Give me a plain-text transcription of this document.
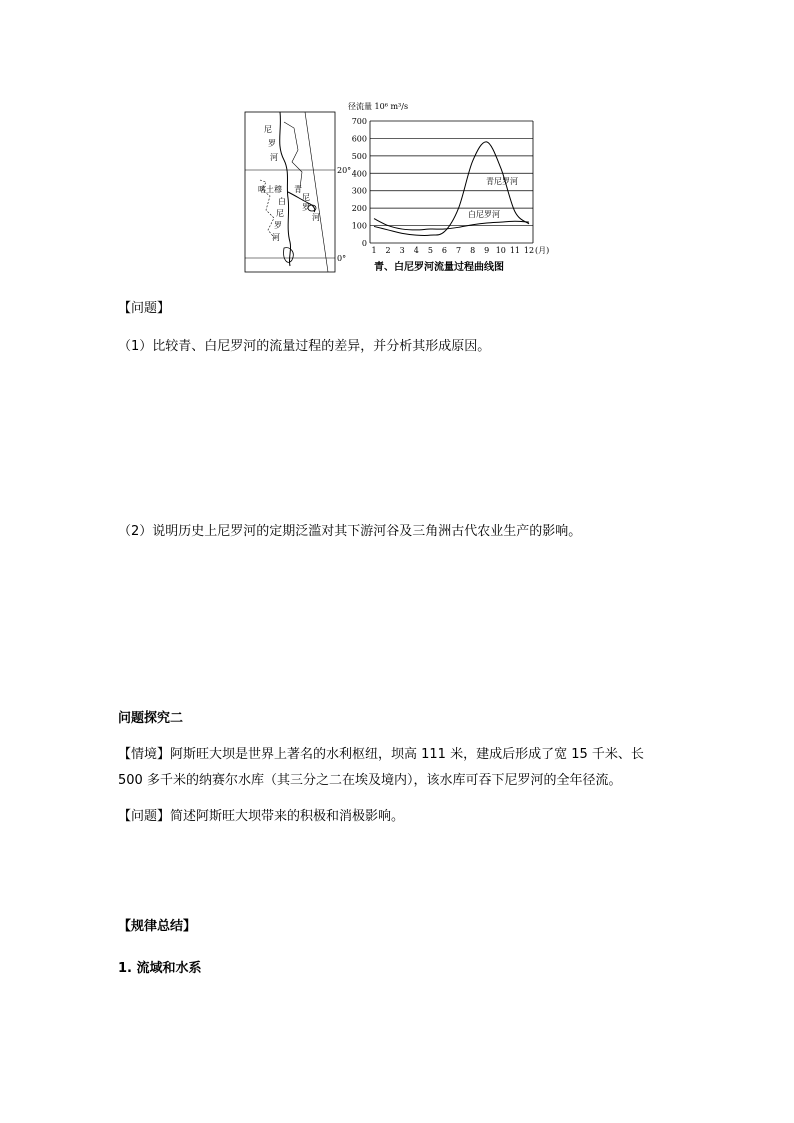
尼
罗
河
喀土穆 青
尼
罗
河
白
尼
罗
河
20°
0°
径流量 10⁶ m³/s
0
100
200
300
400
500
600
700
1 2 3 4 5 6 7 8 9 10 11 12 (月)
青尼罗河
白尼罗河
青、白尼罗河流量过程曲线图
【问题】
（1）比较青、白尼罗河的流量过程的差异，并分析其形成原因。
（2）说明历史上尼罗河的定期泛滥对其下游河谷及三角洲古代农业生产的影响。
问题探究二
【情境】阿斯旺大坝是世界上著名的水利枢纽，坝高 111 米，建成后形成了宽 15 千米、长
500 多千米的纳赛尔水库（其三分之二在埃及境内），该水库可吞下尼罗河的全年径流。
【问题】简述阿斯旺大坝带来的积极和消极影响。
【规律总结】
1. 流域和水系
